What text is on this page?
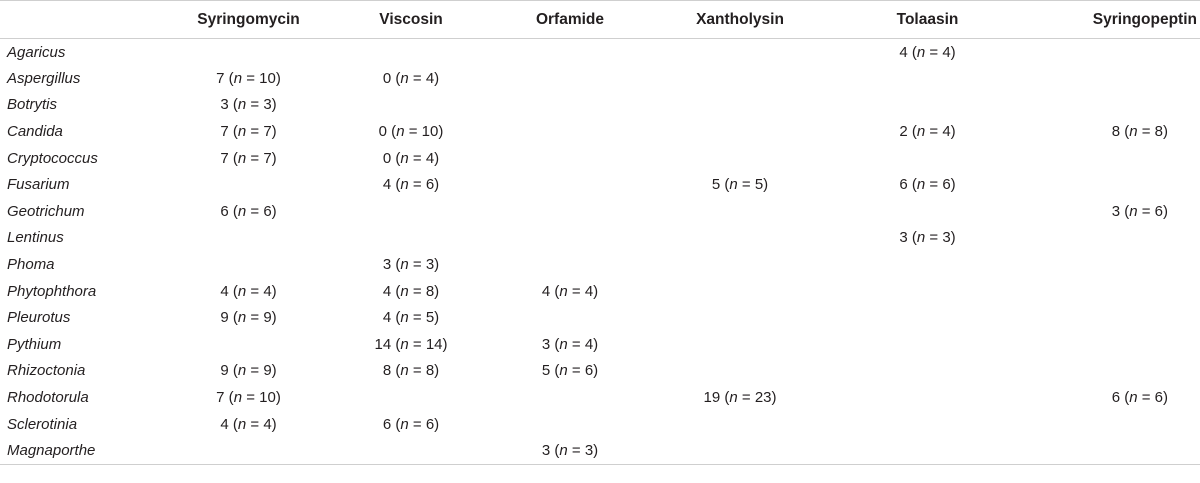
	Syringomycin	Viscosin	Orfamide	Xantholysin	Tolaasin	Syringopeptin
Agaricus					4 (n = 4)	
Aspergillus	7 (n = 10)	0 (n = 4)				
Botrytis	3 (n = 3)					
Candida	7 (n = 7)	0 (n = 10)			2 (n = 4)	8 (n = 8)
Cryptococcus	7 (n = 7)	0 (n = 4)				
Fusarium		4 (n = 6)		5 (n = 5)	6 (n = 6)	
Geotrichum	6 (n = 6)					3 (n = 6)
Lentinus					3 (n = 3)	
Phoma		3 (n = 3)				
Phytophthora	4 (n = 4)	4 (n = 8)	4 (n = 4)			
Pleurotus	9 (n = 9)	4 (n = 5)				
Pythium		14 (n = 14)	3 (n = 4)			
Rhizoctonia	9 (n = 9)	8 (n = 8)	5 (n = 6)			
Rhodotorula	7 (n = 10)			19 (n = 23)		6 (n = 6)
Sclerotinia	4 (n = 4)	6 (n = 6)				
Magnaporthe			3 (n = 3)			
